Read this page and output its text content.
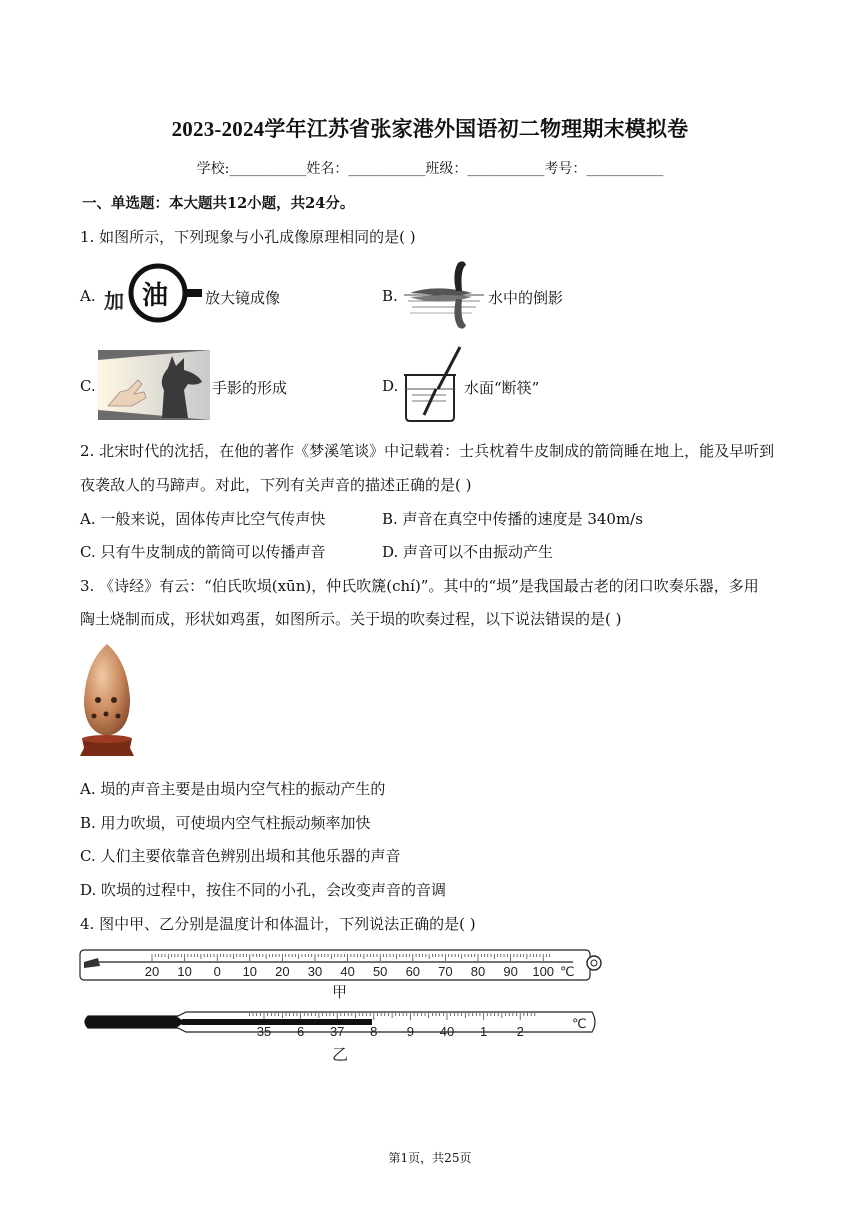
2023-2024学年江苏省张家港外国语初二物理期末模拟卷
学校:___________姓名：___________班级：___________考号：___________
一、单选题：本大题共12小题，共24分。
1. 如图所示，下列现象与小孔成像原理相同的是( )
A. 加 油 放大镜成像	B.	水中的倒影
C.	手影的形成	D.	水面“断筷”
2. 北宋时代的沈括，在他的著作《梦溪笔谈》中记载着：士兵枕着牛皮制成的箭筒睡在地上，能及早听到
夜袭敌人的马蹄声。对此，下列有关声音的描述正确的是( )
A. 一般来说，固体传声比空气传声快	B. 声音在真空中传播的速度是 340m/s
C. 只有牛皮制成的箭筒可以传播声音	D. 声音可以不由振动产生
3. 《诗经》有云：“伯氏吹埙(xūn)，仲氏吹篪(chí)”。其中的“埙”是我国最古老的闭口吹奏乐器，多用
陶土烧制而成，形状如鸡蛋，如图所示。关于埙的吹奏过程，以下说法错误的是( )
A. 埙的声音主要是由埙内空气柱的振动产生的
B. 用力吹埙，可使埙内空气柱振动频率加快
C. 人们主要依靠音色辨别出埙和其他乐器的声音
D. 吹埙的过程中，按住不同的小孔，会改变声音的音调
4. 图中甲、乙分别是温度计和体温计，下列说法正确的是( )
20 10 0 10 20 30 40 50 60 70 80 90 100 ℃
甲
35 6 37 8 9 40 1 2
℃
乙
第1页，共25页
